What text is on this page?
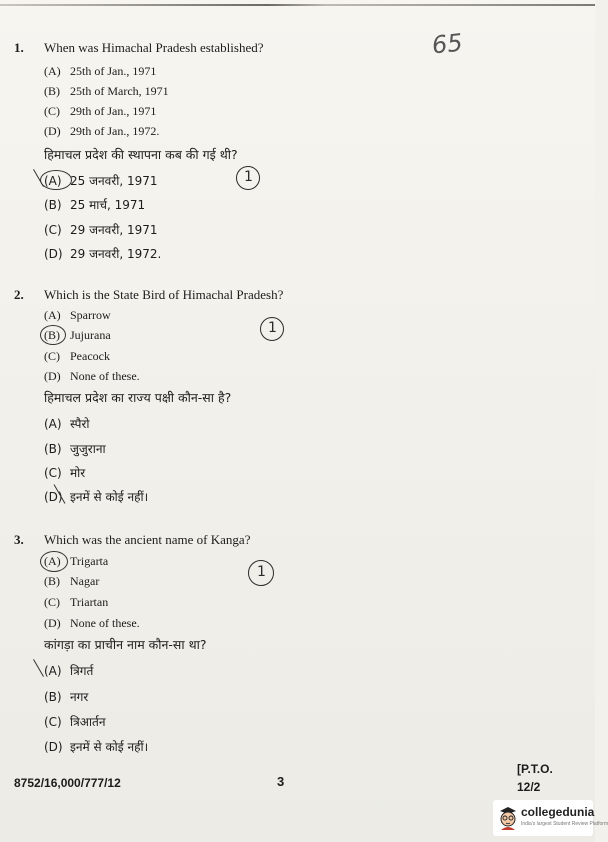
65
1. When was Himachal Pradesh established?
(A) 25th of Jan., 1971
(B) 25th of March, 1971
(C) 29th of Jan., 1971
(D) 29th of Jan., 1972.
हिमाचल प्रदेश की स्थापना कब की गई थी?
(A) 25 जनवरी, 1971
(B) 25 मार्च, 1971
(C) 29 जनवरी, 1971
(D) 29 जनवरी, 1972.
1
2. Which is the State Bird of Himachal Pradesh?
(A) Sparrow
(B) Jujurana
(C) Peacock
(D) None of these.
हिमाचल प्रदेश का राज्य पक्षी कौन-सा है?
(A) स्पैरो
(B) जुजुराना
(C) मोर
(D) इनमें से कोई नहीं।
1
3. Which was the ancient name of Kanga?
(A) Trigarta
(B) Nagar
(C) Triartan
(D) None of these.
कांगड़ा का प्राचीन नाम कौन-सा था?
(A) त्रिगर्त
(B) नगर
(C) त्रिआर्तन
(D) इनमें से कोई नहीं।
1
8752/16,000/777/12	3
[P.T.O.
12/2
collegedunia
India's largest Student Review Platform
